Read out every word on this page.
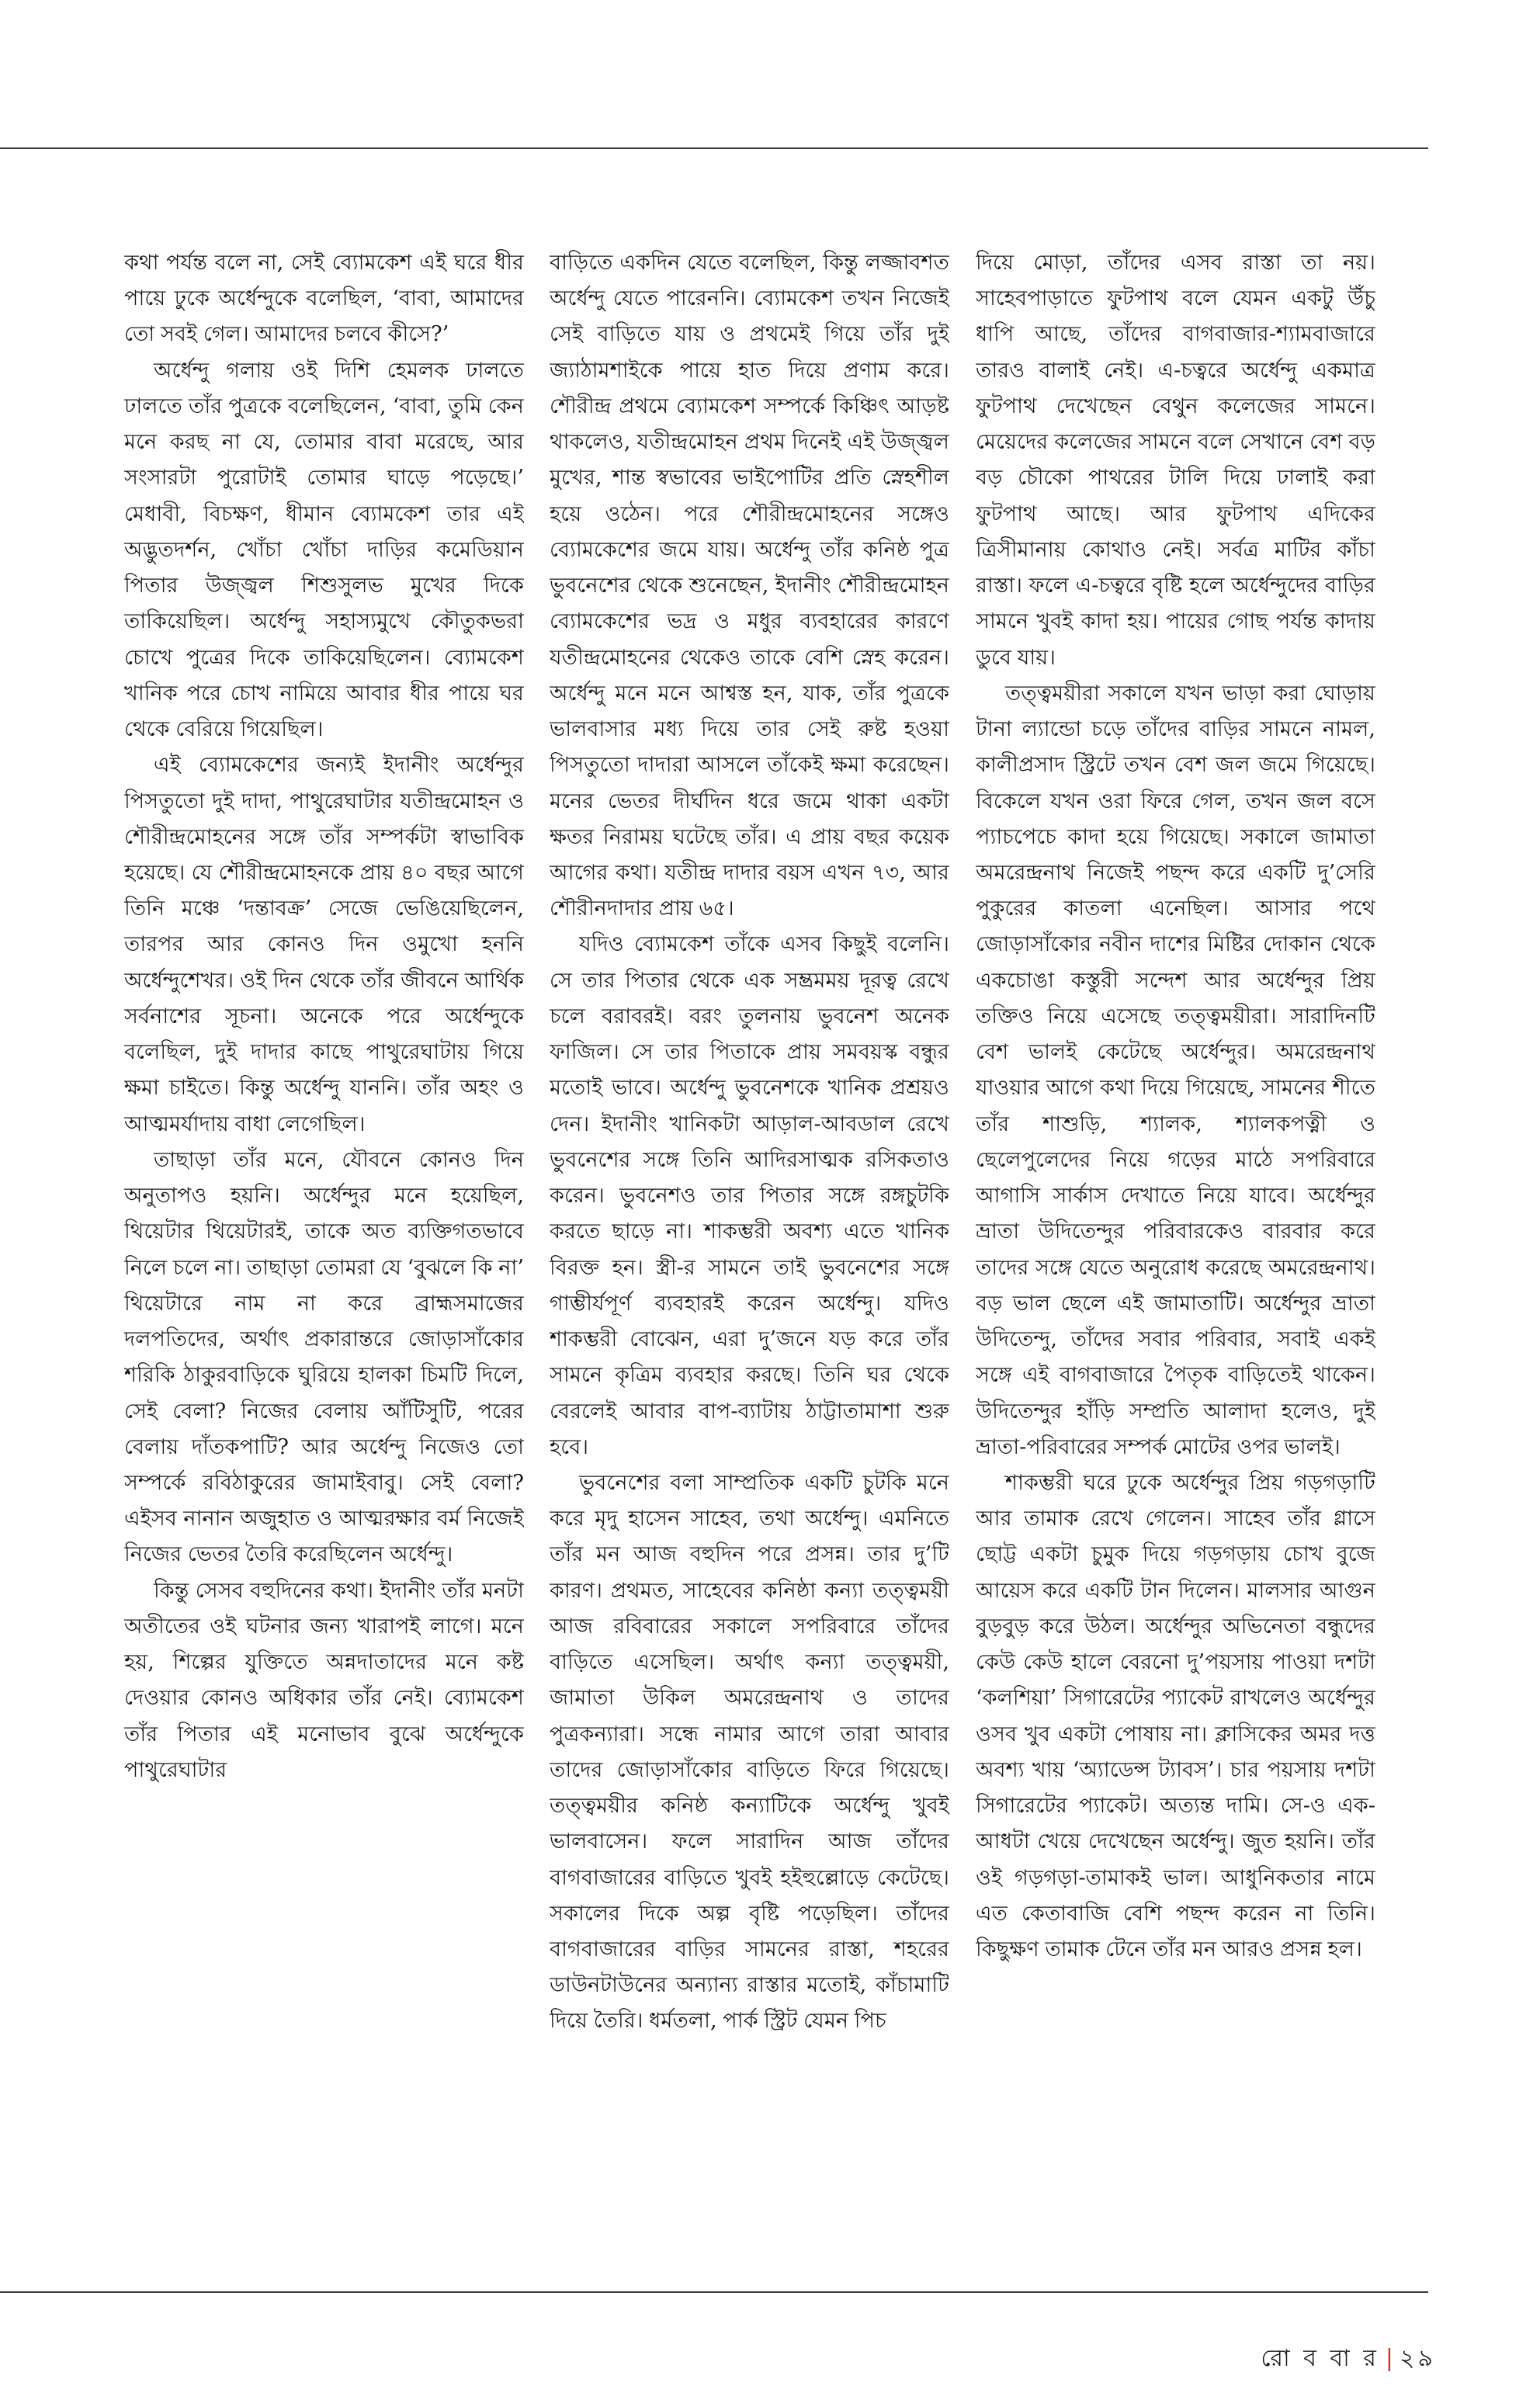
কথা পর্যন্ত বলে না, সেই ব্যোমকেশ এই ঘরে ধীর পায়ে ঢুকে অর্ধেন্দুকে বলেছিল, ‘বাবা, আমাদের তো সবই গেল। আমাদের চলবে কীসে?’

অর্ধেন্দু গলায় ওই দিশি হেমলক ঢালতে ঢালতে তাঁর পুত্রকে বলেছিলেন, ‘বাবা, তুমি কেন মনে করছ না যে, তোমার বাবা মরেছে, আর সংসারটা পুরোটাই তোমার ঘাড়ে পড়েছে।’ মেধাবী, বিচক্ষণ, ধীমান ব্যোমকেশ তার এই অদ্ভুতদর্শন, খোঁচা খোঁচা দাড়ির কমেডিয়ান পিতার উজ্জ্বল শিশুসুলভ মুখের দিকে তাকিয়েছিল। অর্ধেন্দু সহাস্যমুখে কৌতুকভরা চোখে পুত্রের দিকে তাকিয়েছিলেন। ব্যোমকেশ খানিক পরে চোখ নামিয়ে আবার ধীর পায়ে ঘর থেকে বেরিয়ে গিয়েছিল।

এই ব্যোমকেশের জন্যই ইদানীং অর্ধেন্দুর পিসতুতো দুই দাদা, পাথুরেঘাটার যতীন্দ্রমোহন ও শৌরীন্দ্রমোহনের সঙ্গে তাঁর সম্পর্কটা স্বাভাবিক হয়েছে। যে শৌরীন্দ্রমোহনকে প্রায় ৪০ বছর আগে তিনি মঞ্চে ‘দন্তাবক্র’ সেজে ভেঙিয়েছিলেন, তারপর আর কোনও দিন ওমুখো হননি অর্ধেন্দুশেখর। ওই দিন থেকে তাঁর জীবনে আর্থিক সর্বনাশের সূচনা। অনেকে পরে অর্ধেন্দুকে বলেছিল, দুই দাদার কাছে পাথুরেঘাটায় গিয়ে ক্ষমা চাইতে। কিন্তু অর্ধেন্দু যাননি। তাঁর অহং ও আত্মমর্যাদায় বাধা লেগেছিল।

তাছাড়া তাঁর মনে, যৌবনে কোনও দিন অনুতাপও হয়নি। অর্ধেন্দুর মনে হয়েছিল, থিয়েটার থিয়েটারই, তাকে অত ব্যক্তিগতভাবে নিলে চলে না। তাছাড়া তোমরা যে ‘বুঝলে কি না’ থিয়েটারে নাম না করে ব্রাহ্মসমাজের দলপতিদের, অর্থাৎ প্রকারান্তরে জোড়াসাঁকোর শরিকি ঠাকুরবাড়িকে ঘুরিয়ে হালকা চিমটি দিলে, সেই বেলা? নিজের বেলায় আঁটিসুটি, পরের বেলায় দাঁতকপাটি? আর অর্ধেন্দু নিজেও তো সম্পর্কে রবিঠাকুরের জামাইবাবু। সেই বেলা? এইসব নানান অজুহাত ও আত্মরক্ষার বর্ম নিজেই নিজের ভেতর তৈরি করেছিলেন অর্ধেন্দু।

কিন্তু সেসব বহুদিনের কথা। ইদানীং তাঁর মনটা অতীতের ওই ঘটনার জন্য খারাপই লাগে। মনে হয়, শিল্পের যুক্তিতে অন্নদাতাদের মনে কষ্ট দেওয়ার কোনও অধিকার তাঁর নেই। ব্যোমকেশ তাঁর পিতার এই মনোভাব বুঝে অর্ধেন্দুকে পাথুরেঘাটার

বাড়িতে একদিন যেতে বলেছিল, কিন্তু লজ্জাবশত অর্ধেন্দু যেতে পারেননি। ব্যোমকেশ তখন নিজেই সেই বাড়িতে যায় ও প্রথমেই গিয়ে তাঁর দুই জ্যাঠামশাইকে পায়ে হাত দিয়ে প্রণাম করে। শৌরীন্দ্র প্রথমে ব্যোমকেশ সম্পর্কে কিঞ্চিৎ আড়ষ্ট থাকলেও, যতীন্দ্রমোহন প্রথম দিনেই এই উজ্জ্বল মুখের, শান্ত স্বভাবের ভাইপোটির প্রতি স্নেহশীল হয়ে ওঠেন। পরে শৌরীন্দ্রমোহনের সঙ্গেও ব্যোমকেশের জমে যায়। অর্ধেন্দু তাঁর কনিষ্ঠ পুত্র ভুবনেশের থেকে শুনেছেন, ইদানীং শৌরীন্দ্রমোহন ব্যোমকেশের ভদ্র ও মধুর ব্যবহারের কারণে যতীন্দ্রমোহনের থেকেও তাকে বেশি স্নেহ করেন। অর্ধেন্দু মনে মনে আশ্বস্ত হন, যাক, তাঁর পুত্রকে ভালবাসার মধ্য দিয়ে তার সেই রুষ্ট হওয়া পিসতুতো দাদারা আসলে তাঁকেই ক্ষমা করেছেন। মনের ভেতর দীর্ঘদিন ধরে জমে থাকা একটা ক্ষতর নিরাময় ঘটেছে তাঁর। এ প্রায় বছর কয়েক আগের কথা। যতীন্দ্র দাদার বয়স এখন ৭৩, আর শৌরীনদাদার প্রায় ৬৫।

যদিও ব্যোমকেশ তাঁকে এসব কিছুই বলেনি। সে তার পিতার থেকে এক সম্ভ্রমময় দূরত্ব রেখে চলে বরাবরই। বরং তুলনায় ভুবনেশ অনেক ফাজিল। সে তার পিতাকে প্রায় সমবয়স্ক বন্ধুর মতোই ভাবে। অর্ধেন্দু ভুবনেশকে খানিক প্রশ্রয়ও দেন। ইদানীং খানিকটা আড়াল-আবডাল রেখে ভুবনেশের সঙ্গে তিনি আদিরসাত্মক রসিকতাও করেন। ভুবনেশও তার পিতার সঙ্গে রঙ্গচুটকি করতে ছাড়ে না। শাকম্ভরী অবশ্য এতে খানিক বিরক্ত হন। স্ত্রী-র সামনে তাই ভুবনেশের সঙ্গে গাম্ভীর্যপূর্ণ ব্যবহারই করেন অর্ধেন্দু। যদিও শাকম্ভরী বোঝেন, এরা দু’জনে যড় করে তাঁর সামনে কৃত্রিম ব্যবহার করছে। তিনি ঘর থেকে বেরলেই আবার বাপ-ব্যাটায় ঠাট্টাতামাশা শুরু হবে।

ভুবনেশের বলা সাম্প্রতিক একটি চুটকি মনে করে মৃদু হাসেন সাহেব, তথা অর্ধেন্দু। এমনিতে তাঁর মন আজ বহুদিন পরে প্রসন্ন। তার দু’টি কারণ। প্রথমত, সাহেবের কনিষ্ঠা কন্যা তত্ত্বময়ী আজ রবিবারের সকালে সপরিবারে তাঁদের বাড়িতে এসেছিল। অর্থাৎ কন্যা তত্ত্বময়ী, জামাতা উকিল অমরেন্দ্রনাথ ও তাদের পুত্রকন্যারা। সন্ধে নামার আগে তারা আবার তাদের জোড়াসাঁকোর বাড়িতে ফিরে গিয়েছে। তত্ত্বময়ীর কনিষ্ঠ কন্যাটিকে অর্ধেন্দু খুবই ভালবাসেন। ফলে সারাদিন আজ তাঁদের বাগবাজারের বাড়িতে খুবই হইহুল্লোড়ে কেটেছে। সকালের দিকে অল্প বৃষ্টি পড়েছিল। তাঁদের বাগবাজারের বাড়ির সামনের রাস্তা, শহরের ডাউনটাউনের অন্যান্য রাস্তার মতোই, কাঁচামাটি দিয়ে তৈরি। ধর্মতলা, পার্ক স্ট্রিট যেমন পিচ

দিয়ে মোড়া, তাঁদের এসব রাস্তা তা নয়। সাহেবপাড়াতে ফুটপাথ বলে যেমন একটু উঁচু ধাপি আছে, তাঁদের বাগবাজার-শ্যামবাজারে তারও বালাই নেই। এ-চত্বরে অর্ধেন্দু একমাত্র ফুটপাথ দেখেছেন বেথুন কলেজের সামনে। মেয়েদের কলেজের সামনে বলে সেখানে বেশ বড় বড় চৌকো পাথরের টালি দিয়ে ঢালাই করা ফুটপাথ আছে। আর ফুটপাথ এদিকের ত্রিসীমানায় কোথাও নেই। সর্বত্র মাটির কাঁচা রাস্তা। ফলে এ-চত্বরে বৃষ্টি হলে অর্ধেন্দুদের বাড়ির সামনে খুবই কাদা হয়। পায়ের গোছ পর্যন্ত কাদায় ডুবে যায়।

তত্ত্বময়ীরা সকালে যখন ভাড়া করা ঘোড়ায় টানা ল্যান্ডো চড়ে তাঁদের বাড়ির সামনে নামল, কালীপ্রসাদ স্ট্রিটে তখন বেশ জল জমে গিয়েছে। বিকেলে যখন ওরা ফিরে গেল, তখন জল বসে প্যাচপেচে কাদা হয়ে গিয়েছে। সকালে জামাতা অমরেন্দ্রনাথ নিজেই পছন্দ করে একটি দু’সেরি পুকুরের কাতলা এনেছিল। আসার পথে জোড়াসাঁকোর নবীন দাশের মিষ্টির দোকান থেকে একচোঙা কস্তুরী সন্দেশ আর অর্ধেন্দুর প্রিয় তক্তিও নিয়ে এসেছে তত্ত্বময়ীরা। সারাদিনটি বেশ ভালই কেটেছে অর্ধেন্দুর। অমরেন্দ্রনাথ যাওয়ার আগে কথা দিয়ে গিয়েছে, সামনের শীতে তাঁর শাশুড়ি, শ্যালক, শ্যালকপত্নী ও ছেলেপুলেদের নিয়ে গড়ের মাঠে সপরিবারে আগাসি সার্কাস দেখাতে নিয়ে যাবে। অর্ধেন্দুর ভ্রাতা উদিতেন্দুর পরিবারকেও বারবার করে তাদের সঙ্গে যেতে অনুরোধ করেছে অমরেন্দ্রনাথ। বড় ভাল ছেলে এই জামাতাটি। অর্ধেন্দুর ভ্রাতা উদিতেন্দু, তাঁদের সবার পরিবার, সবাই একই সঙ্গে এই বাগবাজারে পৈতৃক বাড়িতেই থাকেন। উদিতেন্দুর হাঁড়ি সম্প্রতি আলাদা হলেও, দুই ভ্রাতা-পরিবারের সম্পর্ক মোটের ওপর ভালই।

শাকম্ভরী ঘরে ঢুকে অর্ধেন্দুর প্রিয় গড়গড়াটি আর তামাক রেখে গেলেন। সাহেব তাঁর গ্লাসে ছোট্ট একটা চুমুক দিয়ে গড়গড়ায় চোখ বুজে আয়েস করে একটি টান দিলেন। মালসার আগুন বুড়বুড় করে উঠল। অর্ধেন্দুর অভিনেতা বন্ধুদের কেউ কেউ হালে বেরনো দু’পয়সায় পাওয়া দশটা ‘কলশিয়া’ সিগারেটের প্যাকেট রাখলেও অর্ধেন্দুর ওসব খুব একটা পোষায় না। ক্লাসিকের অমর দত্ত অবশ্য খায় ‘অ্যাডেন্স ট্যাবস’। চার পয়সায় দশটা সিগারেটের প্যাকেট। অত্যন্ত দামি। সে-ও এক-আধটা খেয়ে দেখেছেন অর্ধেন্দু। জুত হয়নি। তাঁর ওই গড়গড়া-তামাকই ভাল। আধুনিকতার নামে এত কেতাবাজি বেশি পছন্দ করেন না তিনি। কিছুক্ষণ তামাক টেনে তাঁর মন আরও প্রসন্ন হল।

রো ব বা র | ২৯
